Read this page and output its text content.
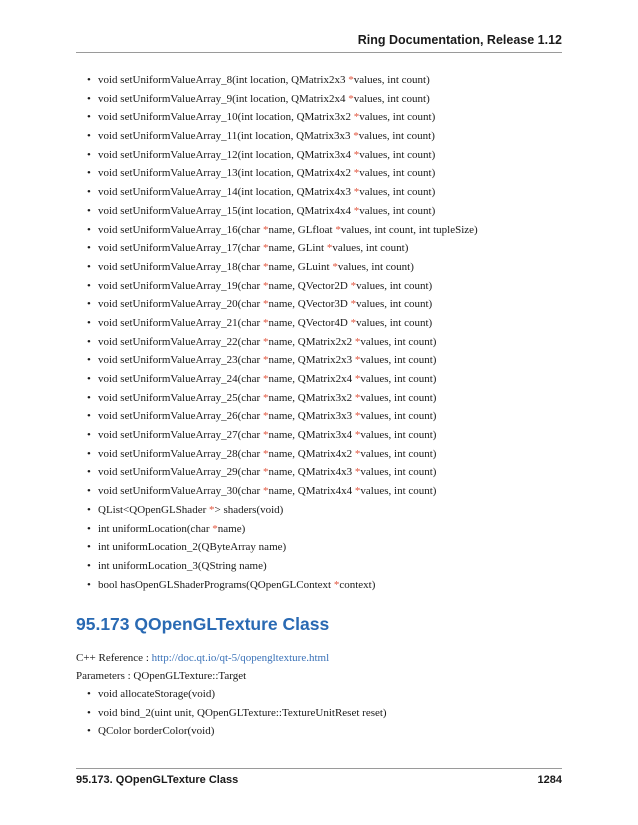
Ring Documentation, Release 1.12
• void setUniformValueArray_8(int location, QMatrix2x3 *values, int count)
• void setUniformValueArray_9(int location, QMatrix2x4 *values, int count)
• void setUniformValueArray_10(int location, QMatrix3x2 *values, int count)
• void setUniformValueArray_11(int location, QMatrix3x3 *values, int count)
• void setUniformValueArray_12(int location, QMatrix3x4 *values, int count)
• void setUniformValueArray_13(int location, QMatrix4x2 *values, int count)
• void setUniformValueArray_14(int location, QMatrix4x3 *values, int count)
• void setUniformValueArray_15(int location, QMatrix4x4 *values, int count)
• void setUniformValueArray_16(char *name, GLfloat *values, int count, int tupleSize)
• void setUniformValueArray_17(char *name, GLint *values, int count)
• void setUniformValueArray_18(char *name, GLuint *values, int count)
• void setUniformValueArray_19(char *name, QVector2D *values, int count)
• void setUniformValueArray_20(char *name, QVector3D *values, int count)
• void setUniformValueArray_21(char *name, QVector4D *values, int count)
• void setUniformValueArray_22(char *name, QMatrix2x2 *values, int count)
• void setUniformValueArray_23(char *name, QMatrix2x3 *values, int count)
• void setUniformValueArray_24(char *name, QMatrix2x4 *values, int count)
• void setUniformValueArray_25(char *name, QMatrix3x2 *values, int count)
• void setUniformValueArray_26(char *name, QMatrix3x3 *values, int count)
• void setUniformValueArray_27(char *name, QMatrix3x4 *values, int count)
• void setUniformValueArray_28(char *name, QMatrix4x2 *values, int count)
• void setUniformValueArray_29(char *name, QMatrix4x3 *values, int count)
• void setUniformValueArray_30(char *name, QMatrix4x4 *values, int count)
• QList<QOpenGLShader *> shaders(void)
• int uniformLocation(char *name)
• int uniformLocation_2(QByteArray name)
• int uniformLocation_3(QString name)
• bool hasOpenGLShaderPrograms(QOpenGLContext *context)
95.173 QOpenGLTexture Class
C++ Reference : http://doc.qt.io/qt-5/qopengltexture.html
Parameters : QOpenGLTexture::Target
• void allocateStorage(void)
• void bind_2(uint unit, QOpenGLTexture::TextureUnitReset reset)
• QColor borderColor(void)
95.173. QOpenGLTexture Class	1284
